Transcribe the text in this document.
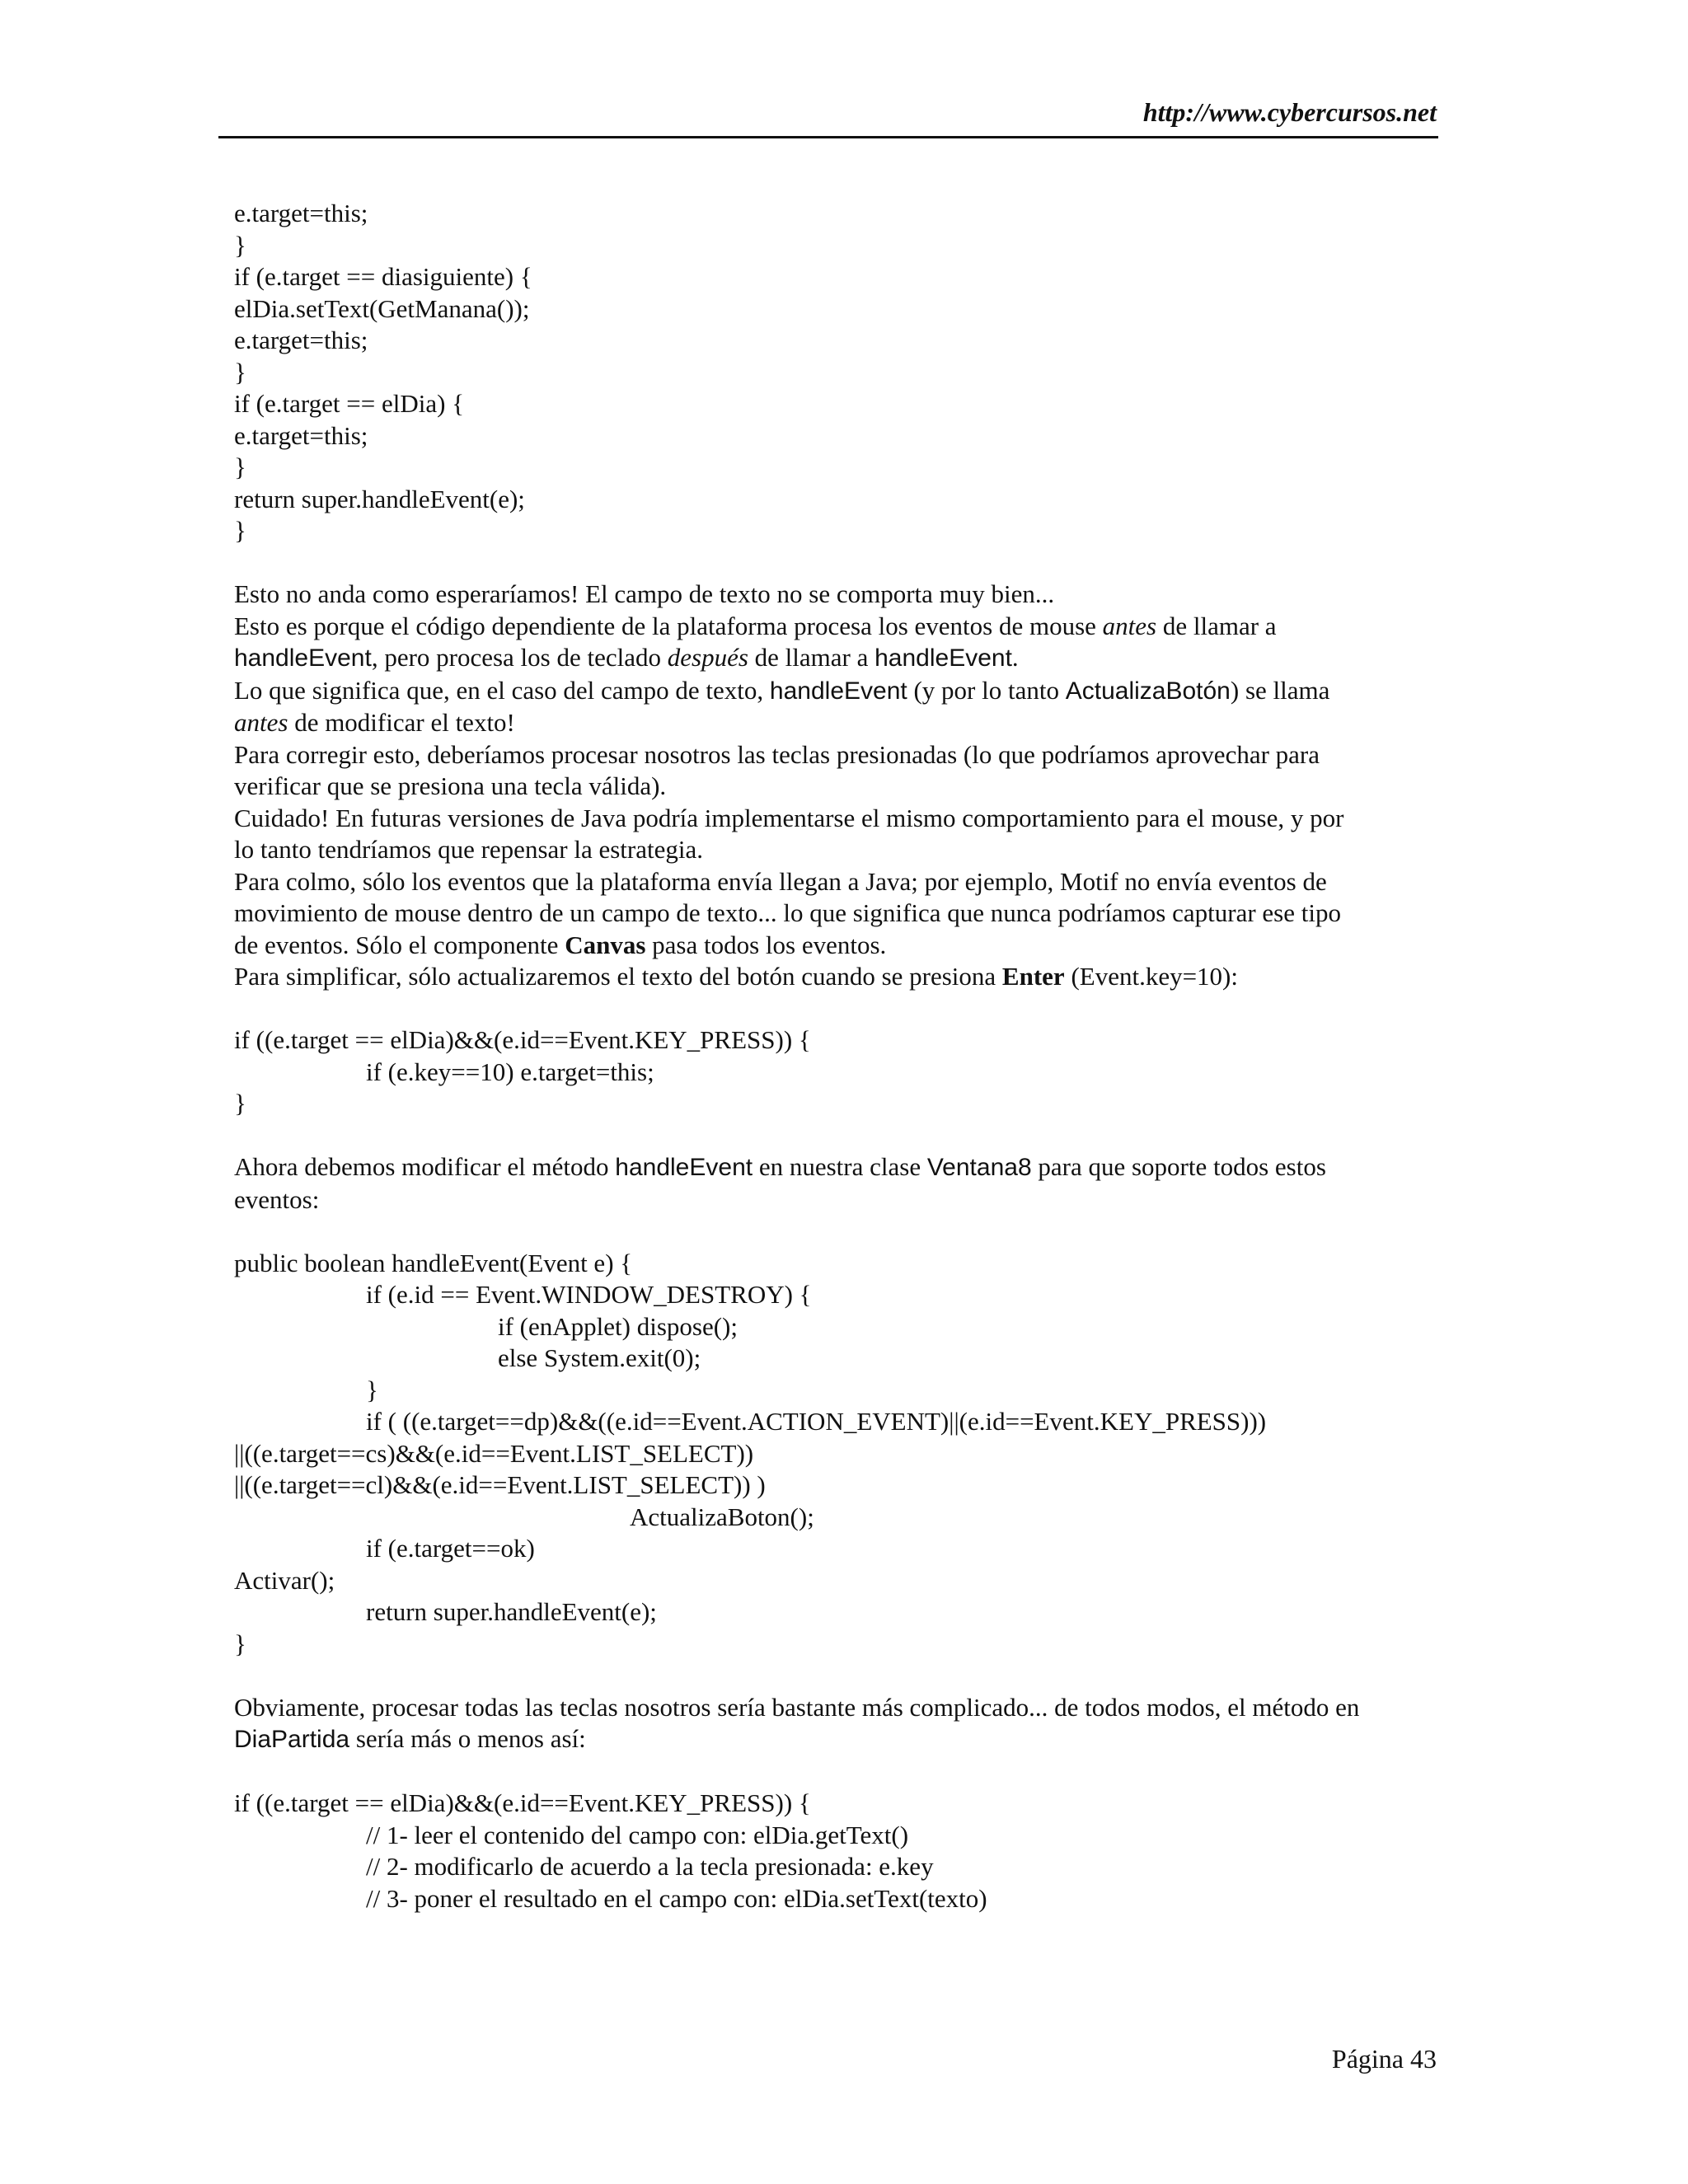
http://www.cybercursos.net
e.target=this;
}
if (e.target == diasiguiente) {
elDia.setText(GetManana());
e.target=this;
}
if (e.target == elDia) {
e.target=this;
}
return super.handleEvent(e);
}
Esto no anda como esperaríamos! El campo de texto no se comporta muy bien...
Esto es porque el código dependiente de la plataforma procesa los eventos de mouse antes de llamar a
handleEvent, pero procesa los de teclado después de llamar a handleEvent.
Lo que significa que, en el caso del campo de texto, handleEvent (y por lo tanto ActualizaBotón) se llama
antes de modificar el texto!
Para corregir esto, deberíamos procesar nosotros las teclas presionadas (lo que podríamos aprovechar para
verificar que se presiona una tecla válida).
Cuidado! En futuras versiones de Java podría implementarse el mismo comportamiento para el mouse, y por
lo tanto tendríamos que repensar la estrategia.
Para colmo, sólo los eventos que la plataforma envía llegan a Java; por ejemplo, Motif no envía eventos de
movimiento de mouse dentro de un campo de texto... lo que significa que nunca podríamos capturar ese tipo
de eventos. Sólo el componente Canvas pasa todos los eventos.
Para simplificar, sólo actualizaremos el texto del botón cuando se presiona Enter (Event.key=10):
if ((e.target == elDia)&&(e.id==Event.KEY_PRESS)) {
if (e.key==10) e.target=this;
}
Ahora debemos modificar el método handleEvent en nuestra clase Ventana8 para que soporte todos estos
eventos:
public boolean handleEvent(Event e) {
if (e.id == Event.WINDOW_DESTROY) {
if (enApplet) dispose();
else System.exit(0);
}
if ( ((e.target==dp)&&((e.id==Event.ACTION_EVENT)||(e.id==Event.KEY_PRESS)))
||((e.target==cs)&&(e.id==Event.LIST_SELECT))
||((e.target==cl)&&(e.id==Event.LIST_SELECT)) )
ActualizaBoton();
if (e.target==ok)
Activar();
return super.handleEvent(e);
}
Obviamente, procesar todas las teclas nosotros sería bastante más complicado... de todos modos, el método en
DiaPartida sería más o menos así:
if ((e.target == elDia)&&(e.id==Event.KEY_PRESS)) {
// 1- leer el contenido del campo con: elDia.getText()
// 2- modificarlo de acuerdo a la tecla presionada: e.key
// 3- poner el resultado en el campo con: elDia.setText(texto)
Página 43
